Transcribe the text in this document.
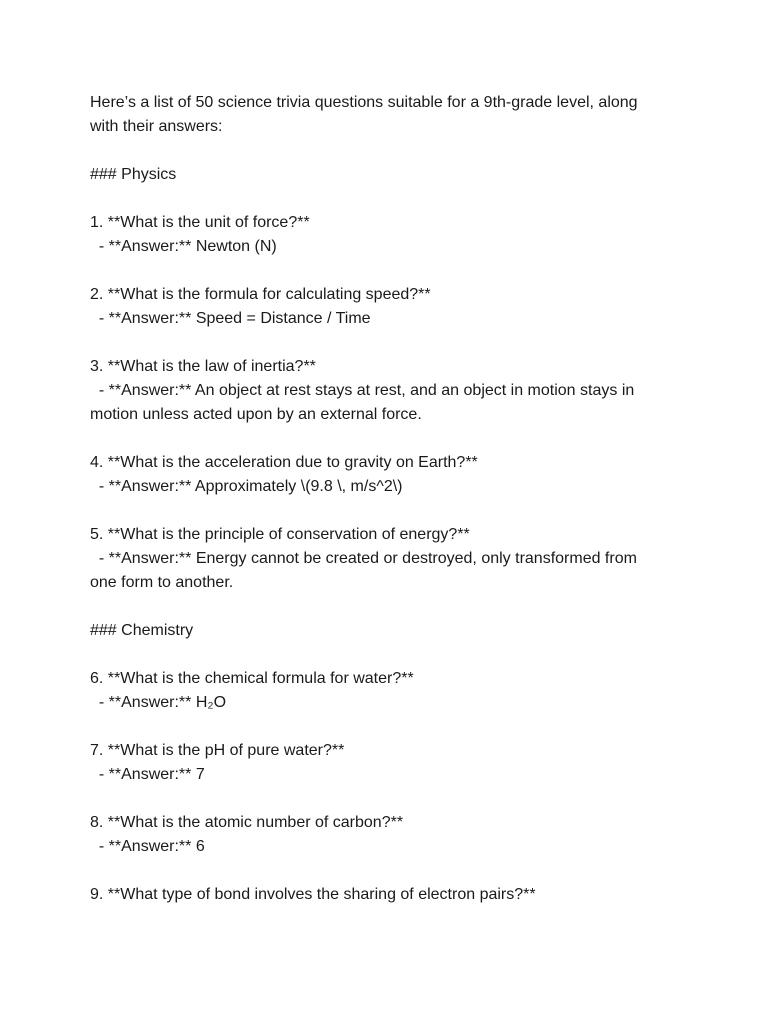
Here’s a list of 50 science trivia questions suitable for a 9th-grade level, along
with their answers:

### Physics

1. **What is the unit of force?**
- **Answer:** Newton (N)

2. **What is the formula for calculating speed?**
- **Answer:** Speed = Distance / Time

3. **What is the law of inertia?**
- **Answer:** An object at rest stays at rest, and an object in motion stays in
motion unless acted upon by an external force.

4. **What is the acceleration due to gravity on Earth?**
- **Answer:** Approximately \(9.8 \, m/s^2\)

5. **What is the principle of conservation of energy?**
- **Answer:** Energy cannot be created or destroyed, only transformed from
one form to another.

### Chemistry

6. **What is the chemical formula for water?**
- **Answer:** H₂O

7. **What is the pH of pure water?**
- **Answer:** 7

8. **What is the atomic number of carbon?**
- **Answer:** 6

9. **What type of bond involves the sharing of electron pairs?**
